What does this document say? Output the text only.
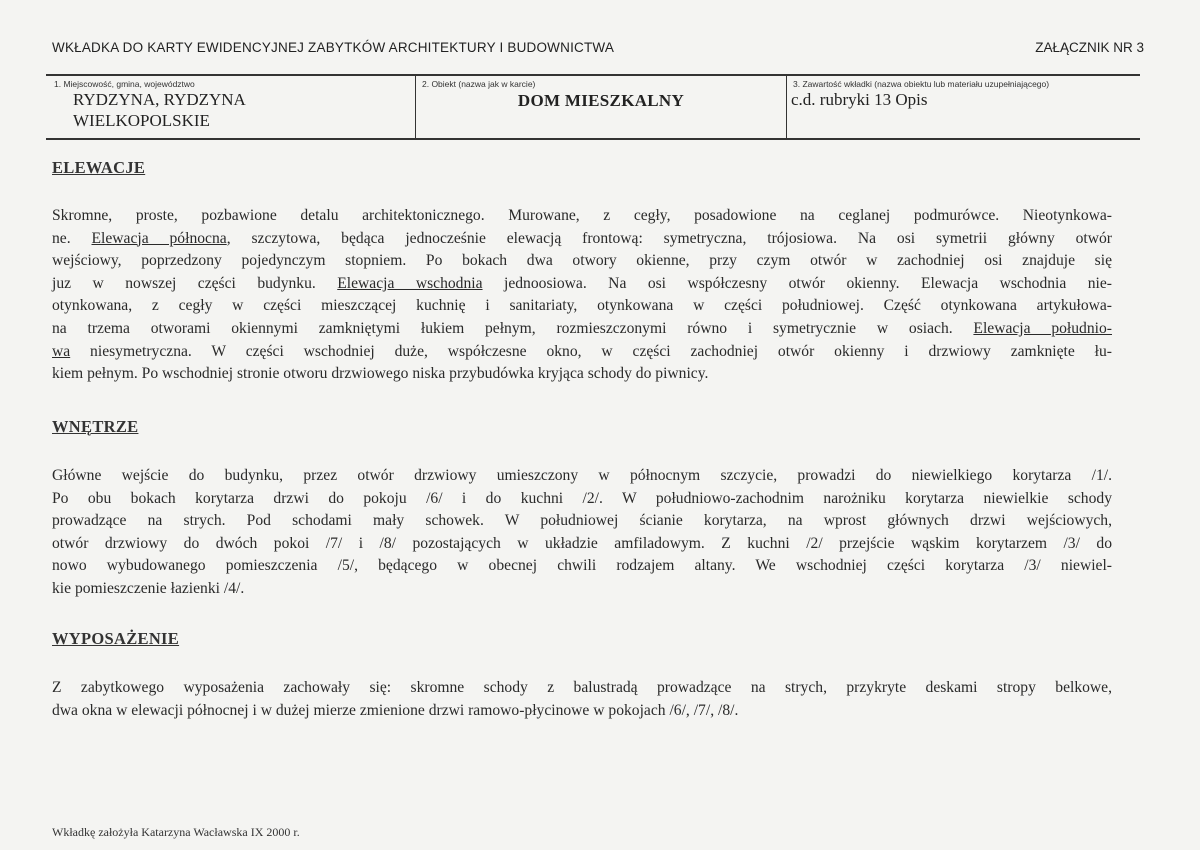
WKŁADKA DO KARTY EWIDENCYJNEJ ZABYTKÓW ARCHITEKTURY I BUDOWNICTWA	ZAŁĄCZNIK NR 3
1. Miejscowość, gmina, województwo
RYDZYNA, RYDZYNA
WIELKOPOLSKIE
2. Obiekt (nazwa jak w karcie)
DOM MIESZKALNY
3. Zawartość wkładki (nazwa obiektu lub materiału uzupełniającego)
c.d. rubryki 13 Opis
ELEWACJE
Skromne, proste, pozbawione detalu architektonicznego. Murowane, z cegły, posadowione na ceglanej podmurówce. Nieotynkowa-
ne. Elewacja północna, szczytowa, będąca jednocześnie elewacją frontową: symetryczna, trójosiowa. Na osi symetrii główny otwór
wejściowy, poprzedzony pojedynczym stopniem. Po bokach dwa otwory okienne, przy czym otwór w zachodniej osi znajduje się
juz w nowszej części budynku. Elewacja wschodnia jednoosiowa. Na osi współczesny otwór okienny. Elewacja wschodnia nie-
otynkowana, z cegły w części mieszczącej kuchnię i sanitariaty, otynkowana w części południowej. Część otynkowana artykułowa-
na trzema otworami okiennymi zamkniętymi łukiem pełnym, rozmieszczonymi równo i symetrycznie w osiach. Elewacja południo-
wa niesymetryczna. W części wschodniej duże, współczesne okno, w części zachodniej otwór okienny i drzwiowy zamknięte łu-
kiem pełnym. Po wschodniej stronie otworu drzwiowego niska przybudówka kryjąca schody do piwnicy.
WNĘTRZE
Główne wejście do budynku, przez otwór drzwiowy umieszczony w północnym szczycie, prowadzi do niewielkiego korytarza /1/.
Po obu bokach korytarza drzwi do pokoju /6/ i do kuchni /2/. W południowo-zachodnim narożniku korytarza niewielkie schody
prowadzące na strych. Pod schodami mały schowek. W południowej ścianie korytarza, na wprost głównych drzwi wejściowych,
otwór drzwiowy do dwóch pokoi /7/ i /8/ pozostających w układzie amfiladowym. Z kuchni /2/ przejście wąskim korytarzem /3/ do
nowo wybudowanego pomieszczenia /5/, będącego w obecnej chwili rodzajem altany. We wschodniej części korytarza /3/ niewiel-
kie pomieszczenie łazienki /4/.
WYPOSAŻENIE
Z zabytkowego wyposażenia zachowały się: skromne schody z balustradą prowadzące na strych, przykryte deskami stropy belkowe,
dwa okna w elewacji północnej i w dużej mierze zmienione drzwi ramowo-płycinowe w pokojach /6/, /7/, /8/.
Wkładkę założyła Katarzyna Wacławska IX 2000 r.
